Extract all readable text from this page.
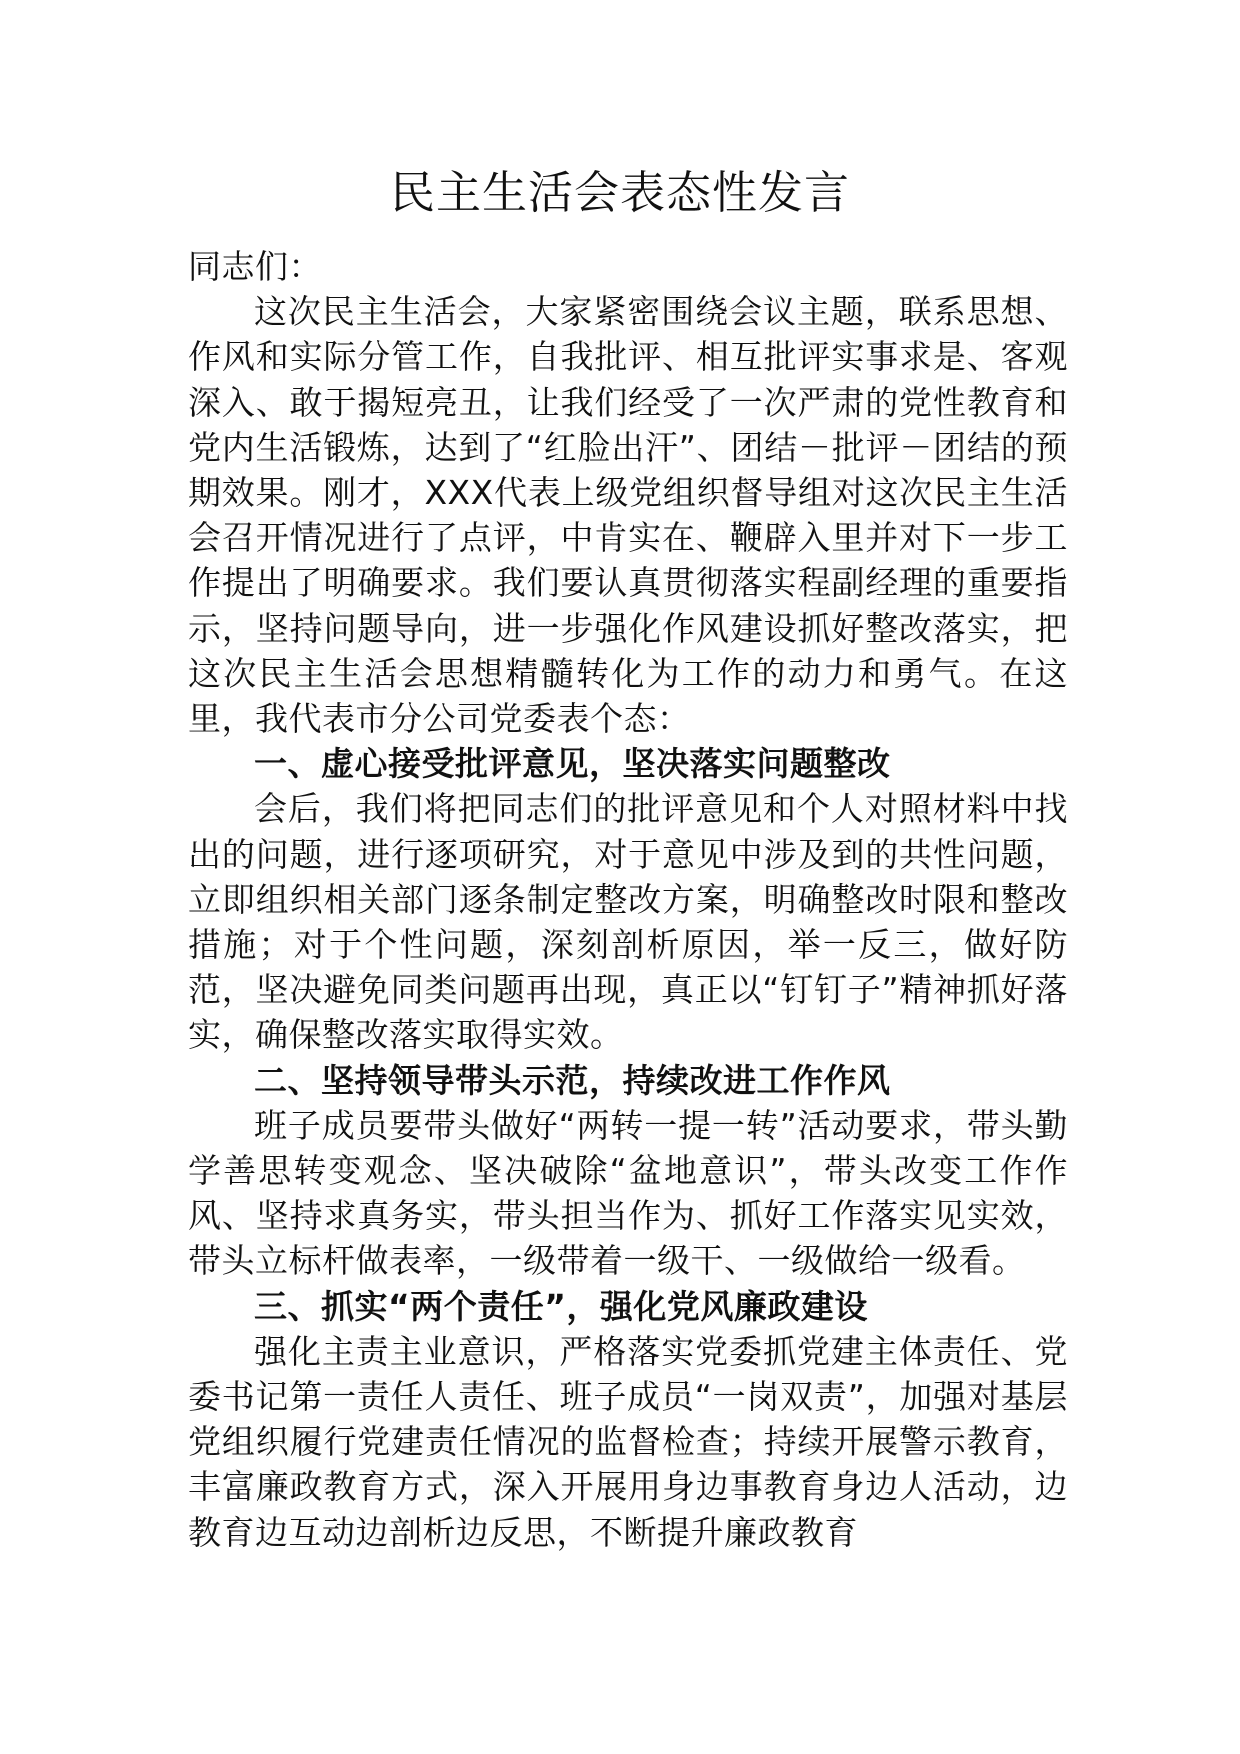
民主生活会表态性发言

同志们：

这次民主生活会，大家紧密围绕会议主题，联系思想、作风和实际分管工作，自我批评、相互批评实事求是、客观深入、敢于揭短亮丑，让我们经受了一次严肃的党性教育和党内生活锻炼，达到了“红脸出汗”、团结－批评－团结的预期效果。刚才，XXX代表上级党组织督导组对这次民主生活会召开情况进行了点评，中肯实在、鞭辟入里并对下一步工作提出了明确要求。我们要认真贯彻落实程副经理的重要指示，坚持问题导向，进一步强化作风建设抓好整改落实，把这次民主生活会思想精髓转化为工作的动力和勇气。在这里，我代表市分公司党委表个态：

一、虚心接受批评意见，坚决落实问题整改

会后，我们将把同志们的批评意见和个人对照材料中找出的问题，进行逐项研究，对于意见中涉及到的共性问题，立即组织相关部门逐条制定整改方案，明确整改时限和整改措施；对于个性问题，深刻剖析原因，举一反三，做好防范，坚决避免同类问题再出现，真正以“钉钉子”精神抓好落实，确保整改落实取得实效。

二、坚持领导带头示范，持续改进工作作风

班子成员要带头做好“两转一提一转”活动要求，带头勤学善思转变观念、坚决破除“盆地意识”，带头改变工作作风、坚持求真务实，带头担当作为、抓好工作落实见实效，带头立标杆做表率，一级带着一级干、一级做给一级看。

三、抓实“两个责任”，强化党风廉政建设

强化主责主业意识，严格落实党委抓党建主体责任、党委书记第一责任人责任、班子成员“一岗双责”，加强对基层党组织履行党建责任情况的监督检查；持续开展警示教育，丰富廉政教育方式，深入开展用身边事教育身边人活动，边教育边互动边剖析边反思，不断提升廉政教育
